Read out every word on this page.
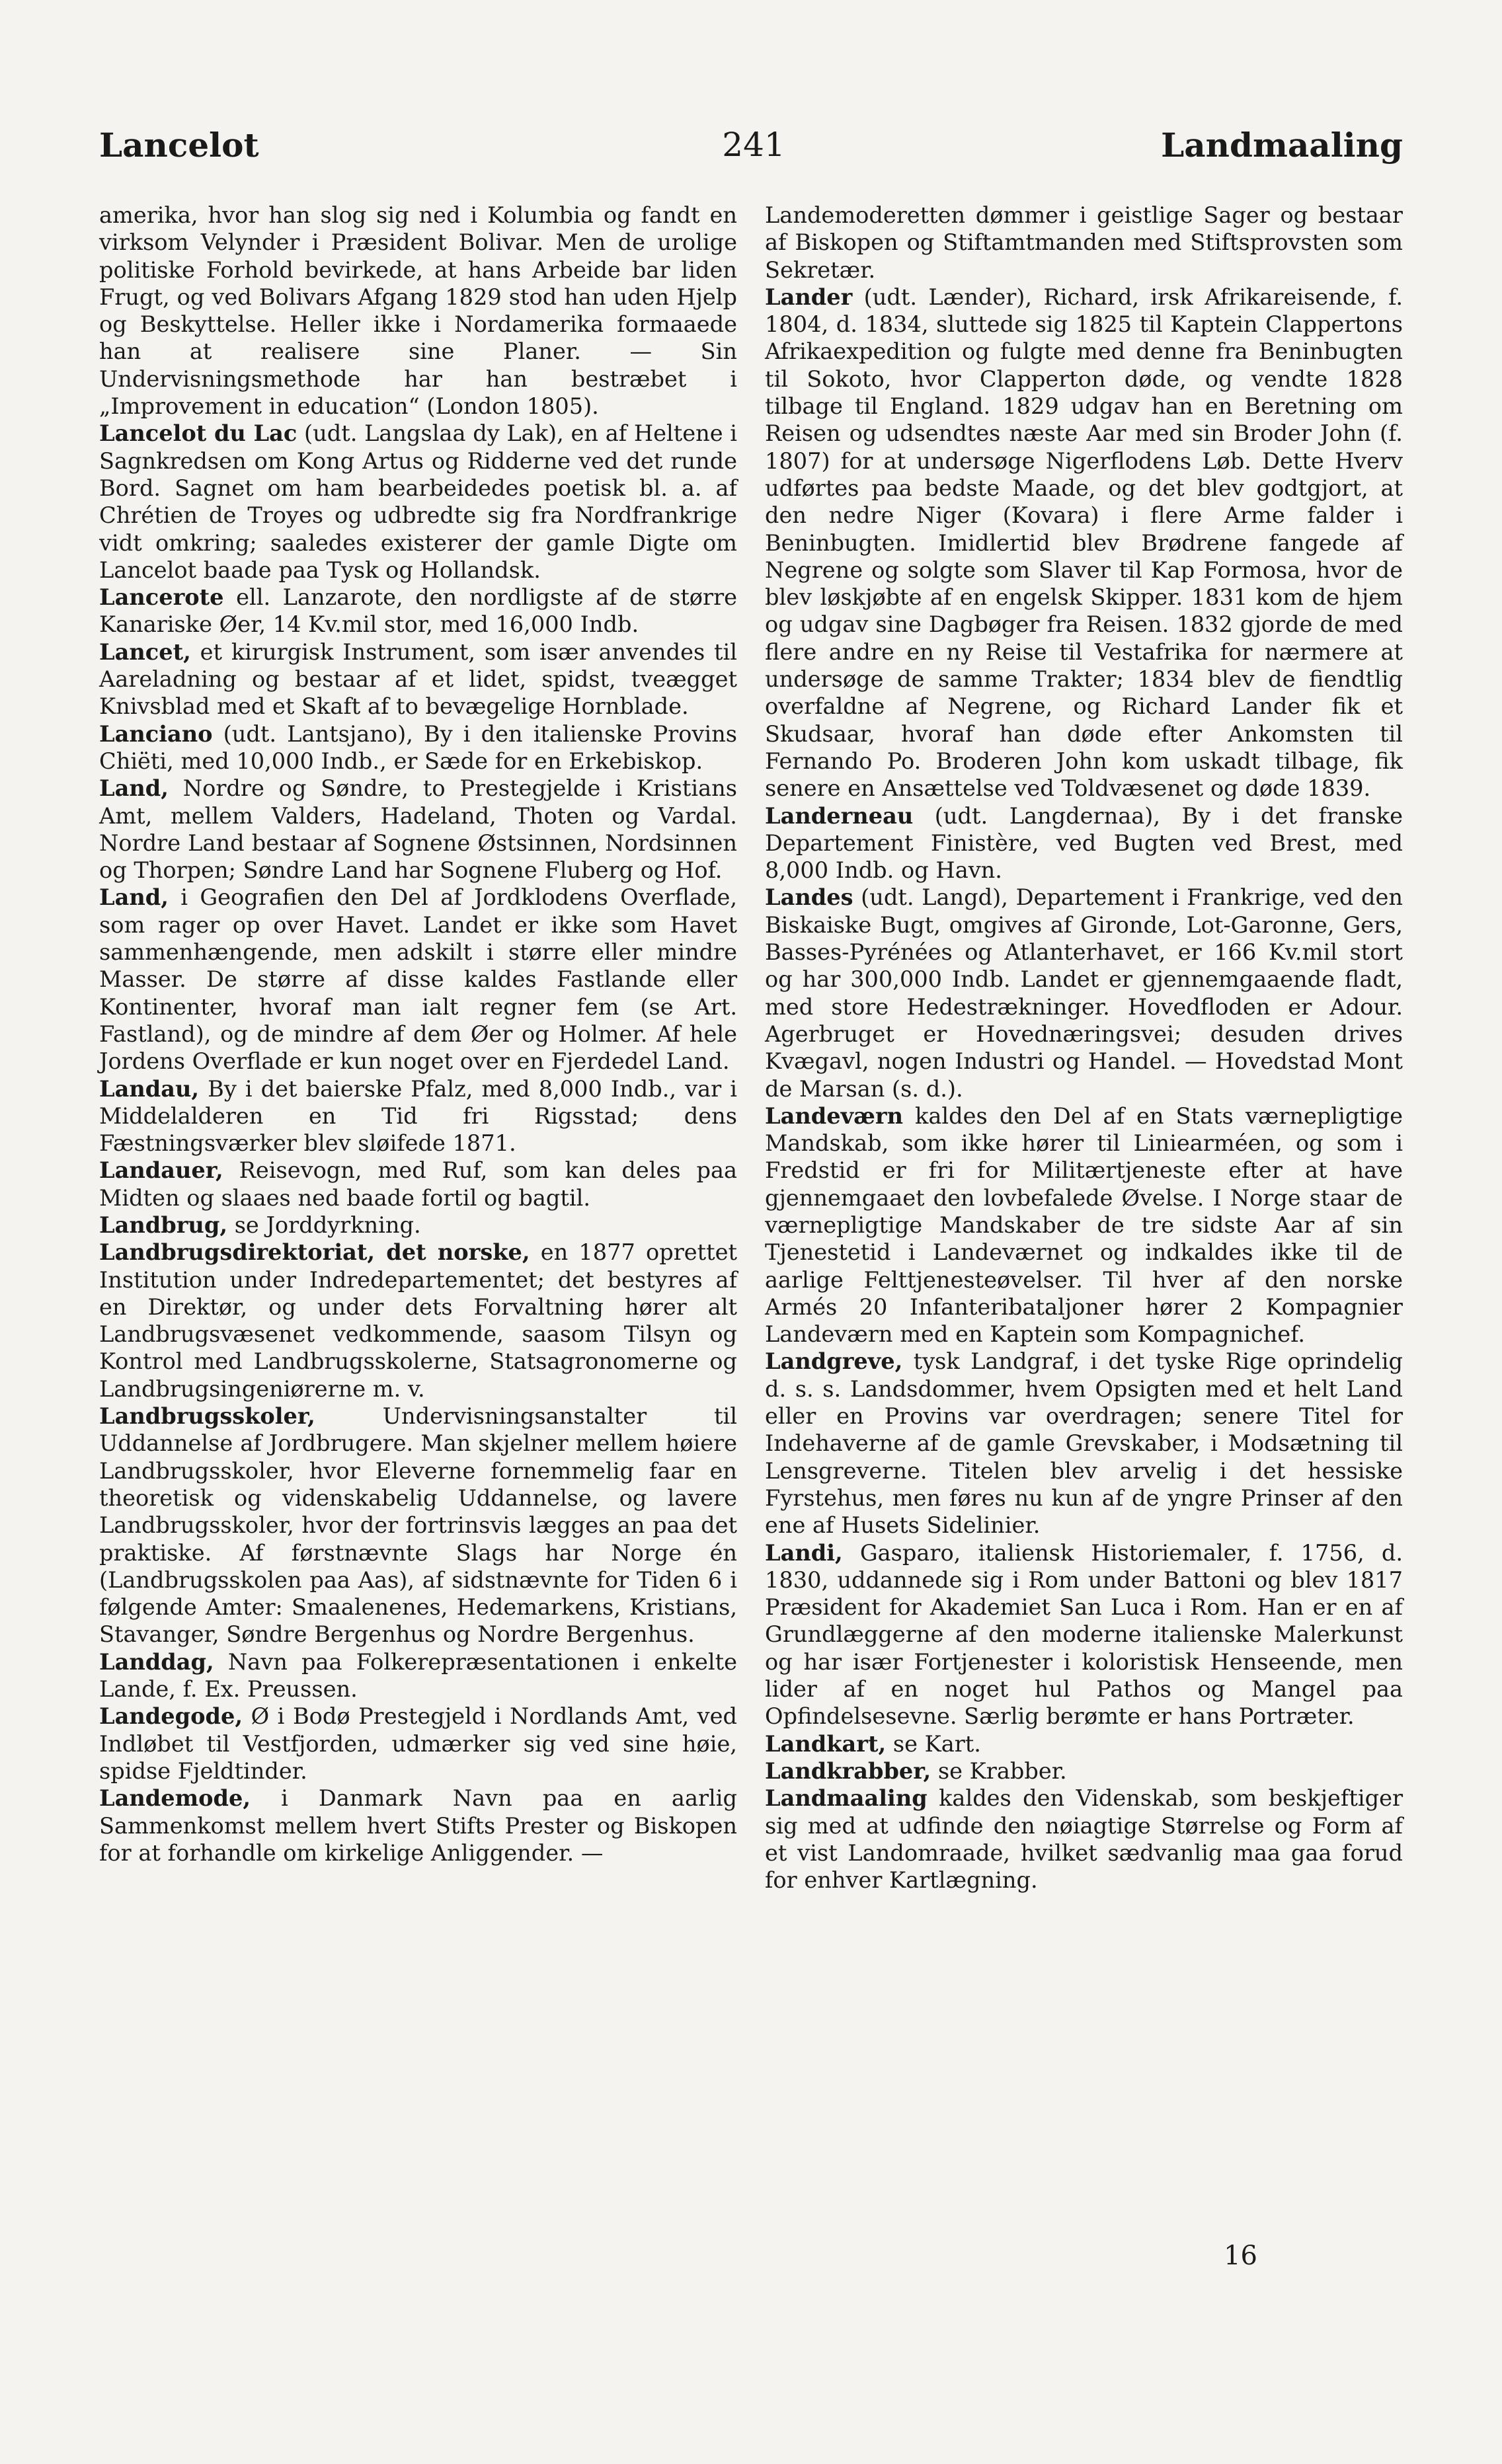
Lancelot	241	Landmaaling

amerika, hvor han slog sig ned i Kolumbia og fandt en virksom Velynder i Præsident Bolivar. Men de urolige politiske Forhold bevirkede, at hans Arbeide bar liden Frugt, og ved Bolivars Afgang 1829 stod han uden Hjelp og Beskyttelse. Heller ikke i Nordamerika formaaede han at realisere sine Planer. — Sin Undervisningsmethode har han bestræbet i „Improvement in education“ (London 1805).

Lancelot du Lac (udt. Langslaa dy Lak), en af Heltene i Sagnkredsen om Kong Artus og Ridderne ved det runde Bord. Sagnet om ham bearbeidedes poetisk bl. a. af Chrétien de Troyes og udbredte sig fra Nordfrankrige vidt omkring; saaledes existerer der gamle Digte om Lancelot baade paa Tysk og Hollandsk.

Lancerote ell. Lanzarote, den nordligste af de større Kanariske Øer, 14 Kv.mil stor, med 16,000 Indb.

Lancet, et kirurgisk Instrument, som især anvendes til Aareladning og bestaar af et lidet, spidst, tveægget Knivsblad med et Skaft af to bevægelige Hornblade.

Lanciano (udt. Lantsjano), By i den italienske Provins Chiëti, med 10,000 Indb., er Sæde for en Erkebiskop.

Land, Nordre og Søndre, to Prestegjelde i Kristians Amt, mellem Valders, Hadeland, Thoten og Vardal. Nordre Land bestaar af Sognene Østsinnen, Nordsinnen og Thorpen; Søndre Land har Sognene Fluberg og Hof.

Land, i Geografien den Del af Jordklodens Overflade, som rager op over Havet. Landet er ikke som Havet sammenhængende, men adskilt i større eller mindre Masser. De større af disse kaldes Fastlande eller Kontinenter, hvoraf man ialt regner fem (se Art. Fastland), og de mindre af dem Øer og Holmer. Af hele Jordens Overflade er kun noget over en Fjerdedel Land.

Landau, By i det baierske Pfalz, med 8,000 Indb., var i Middelalderen en Tid fri Rigsstad; dens Fæstningsværker blev sløifede 1871.

Landauer, Reisevogn, med Ruf, som kan deles paa Midten og slaaes ned baade fortil og bagtil.

Landbrug, se Jorddyrkning.

Landbrugsdirektoriat, det norske, en 1877 oprettet Institution under Indredepartementet; det bestyres af en Direktør, og under dets Forvaltning hører alt Landbrugsvæsenet vedkommende, saasom Tilsyn og Kontrol med Landbrugsskolerne, Statsagronomerne og Landbrugsingeniørerne m. v.

Landbrugsskoler, Undervisningsanstalter til Uddannelse af Jordbrugere. Man skjelner mellem høiere Landbrugsskoler, hvor Eleverne fornemmelig faar en theoretisk og videnskabelig Uddannelse, og lavere Landbrugsskoler, hvor der fortrinsvis lægges an paa det praktiske. Af førstnævnte Slags har Norge én (Landbrugsskolen paa Aas), af sidstnævnte for Tiden 6 i følgende Amter: Smaalenenes, Hedemarkens, Kristians, Stavanger, Søndre Bergenhus og Nordre Bergenhus.

Landdag, Navn paa Folkerepræsentationen i enkelte Lande, f. Ex. Preussen.

Landegode, Ø i Bodø Prestegjeld i Nordlands Amt, ved Indløbet til Vestfjorden, udmærker sig ved sine høie, spidse Fjeldtinder.

Landemode, i Danmark Navn paa en aarlig Sammenkomst mellem hvert Stifts Prester og Biskopen for at forhandle om kirkelige Anliggender. —

Landemoderetten dømmer i geistlige Sager og bestaar af Biskopen og Stiftamtmanden med Stiftsprovsten som Sekretær.

Lander (udt. Lænder), Richard, irsk Afrikareisende, f. 1804, d. 1834, sluttede sig 1825 til Kaptein Clappertons Afrikaexpedition og fulgte med denne fra Beninbugten til Sokoto, hvor Clapperton døde, og vendte 1828 tilbage til England. 1829 udgav han en Beretning om Reisen og udsendtes næste Aar med sin Broder John (f. 1807) for at undersøge Nigerflodens Løb. Dette Hverv udførtes paa bedste Maade, og det blev godtgjort, at den nedre Niger (Kovara) i flere Arme falder i Beninbugten. Imidlertid blev Brødrene fangede af Negrene og solgte som Slaver til Kap Formosa, hvor de blev løskjøbte af en engelsk Skipper. 1831 kom de hjem og udgav sine Dagbøger fra Reisen. 1832 gjorde de med flere andre en ny Reise til Vestafrika for nærmere at undersøge de samme Trakter; 1834 blev de fiendtlig overfaldne af Negrene, og Richard Lander fik et Skudsaar, hvoraf han døde efter Ankomsten til Fernando Po. Broderen John kom uskadt tilbage, fik senere en Ansættelse ved Toldvæsenet og døde 1839.

Landerneau (udt. Langdernaa), By i det franske Departement Finistère, ved Bugten ved Brest, med 8,000 Indb. og Havn.

Landes (udt. Langd), Departement i Frankrige, ved den Biskaiske Bugt, omgives af Gironde, Lot-Garonne, Gers, Basses-Pyrénées og Atlanterhavet, er 166 Kv.mil stort og har 300,000 Indb. Landet er gjennemgaaende fladt, med store Hedestrækninger. Hovedfloden er Adour. Agerbruget er Hovednæringsvei; desuden drives Kvægavl, nogen Industri og Handel. — Hovedstad Mont de Marsan (s. d.).

Landeværn kaldes den Del af en Stats værnepligtige Mandskab, som ikke hører til Liniearméen, og som i Fredstid er fri for Militærtjeneste efter at have gjennemgaaet den lovbefalede Øvelse. I Norge staar de værnepligtige Mandskaber de tre sidste Aar af sin Tjenestetid i Landeværnet og indkaldes ikke til de aarlige Felttjenesteøvelser. Til hver af den norske Armés 20 Infanteribataljoner hører 2 Kompagnier Landeværn med en Kaptein som Kompagnichef.

Landgreve, tysk Landgraf, i det tyske Rige oprindelig d. s. s. Landsdommer, hvem Opsigten med et helt Land eller en Provins var overdragen; senere Titel for Indehaverne af de gamle Grevskaber, i Modsætning til Lensgreverne. Titelen blev arvelig i det hessiske Fyrstehus, men føres nu kun af de yngre Prinser af den ene af Husets Sidelinier.

Landi, Gasparo, italiensk Historiemaler, f. 1756, d. 1830, uddannede sig i Rom under Battoni og blev 1817 Præsident for Akademiet San Luca i Rom. Han er en af Grundlæggerne af den moderne italienske Malerkunst og har især Fortjenester i koloristisk Henseende, men lider af en noget hul Pathos og Mangel paa Opfindelsesevne. Særlig berømte er hans Portræter.

Landkart, se Kart.

Landkrabber, se Krabber.

Landmaaling kaldes den Videnskab, som beskjeftiger sig med at udfinde den nøiagtige Størrelse og Form af et vist Landomraade, hvilket sædvanlig maa gaa forud for enhver Kartlægning.

16
